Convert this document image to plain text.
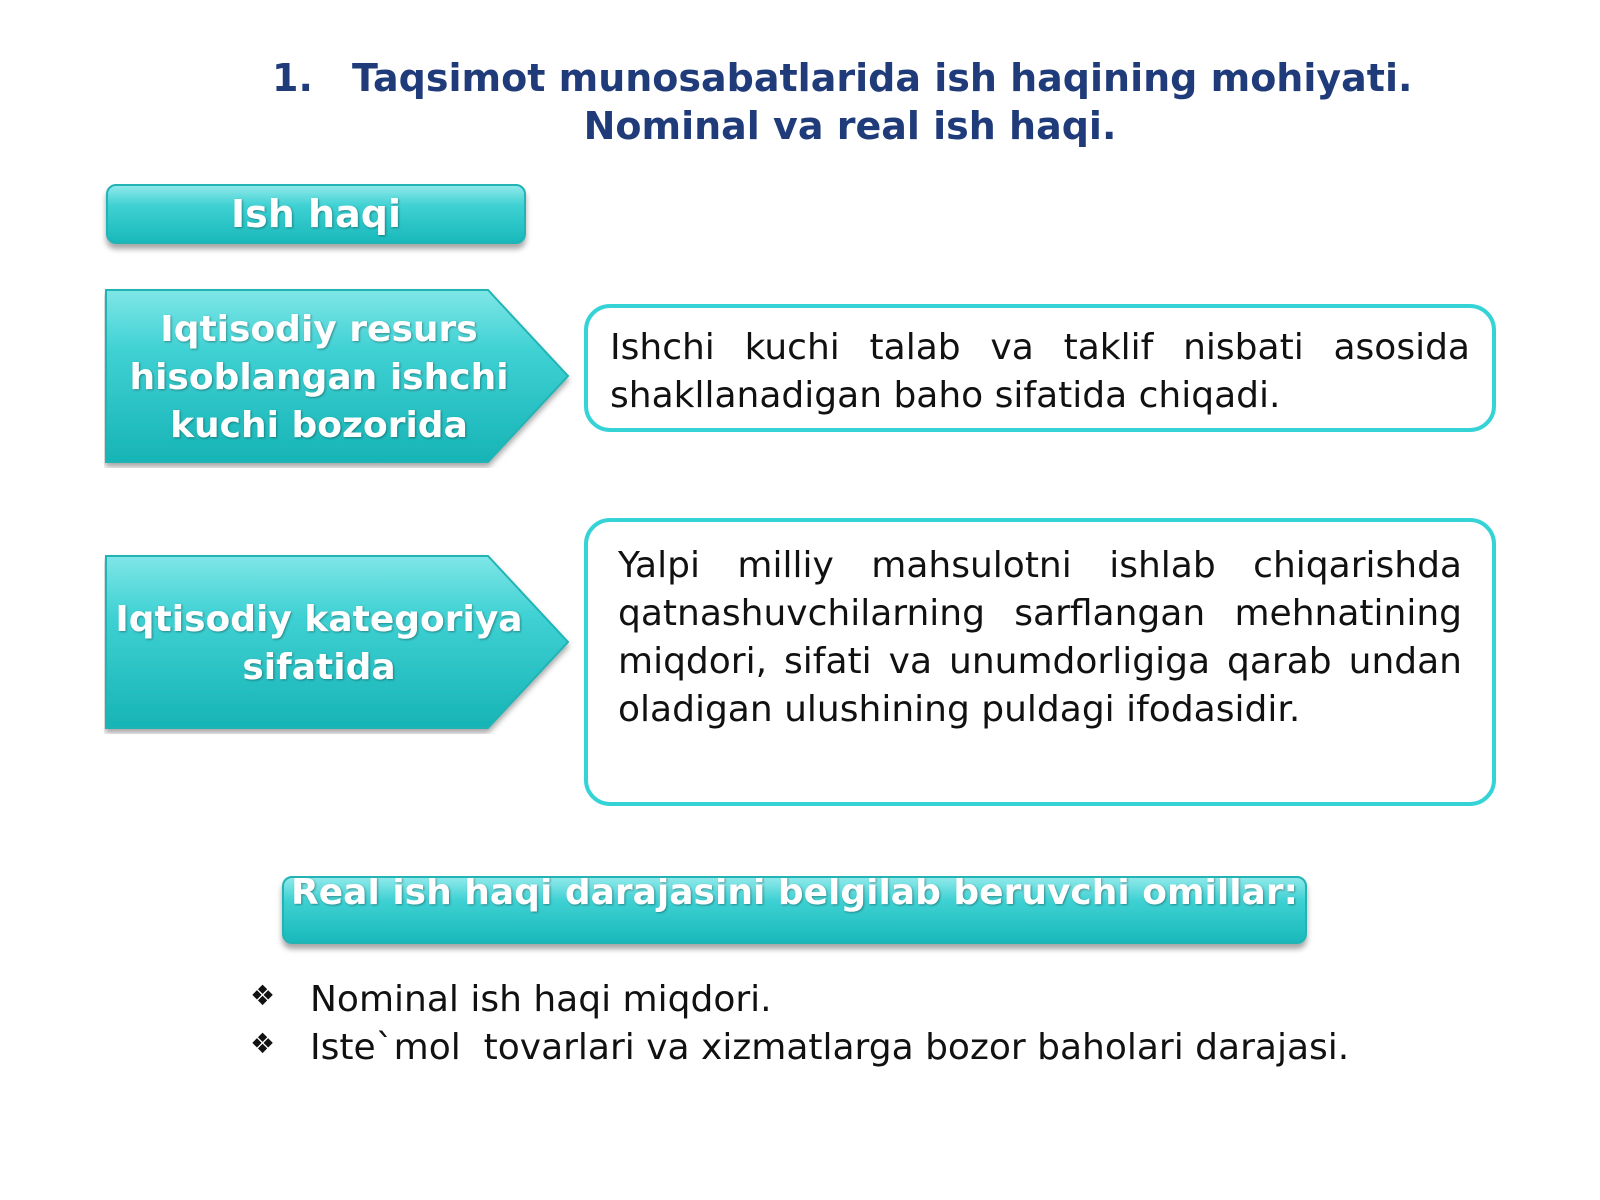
1. Taqsimot munosabatlarida ish haqining mohiyati.
Nominal va real ish haqi.
Ish haqi
Iqtisodiy resurs hisoblangan ishchi kuchi bozorida
Ishchi kuchi talab va taklif nisbati asosida shakllanadigan baho sifatida chiqadi.
Iqtisodiy kategoriya sifatida
Yalpi milliy mahsulotni ishlab chiqarishda qatnashuvchilarning sarflangan mehnatining miqdori, sifati va unumdorligiga qarab undan oladigan ulushining puldagi ifodasidir.
Real ish haqi darajasini belgilab beruvchi omillar:
❖ Nominal ish haqi miqdori.
❖ Iste`mol  tovarlari va xizmatlarga bozor baholari darajasi.
